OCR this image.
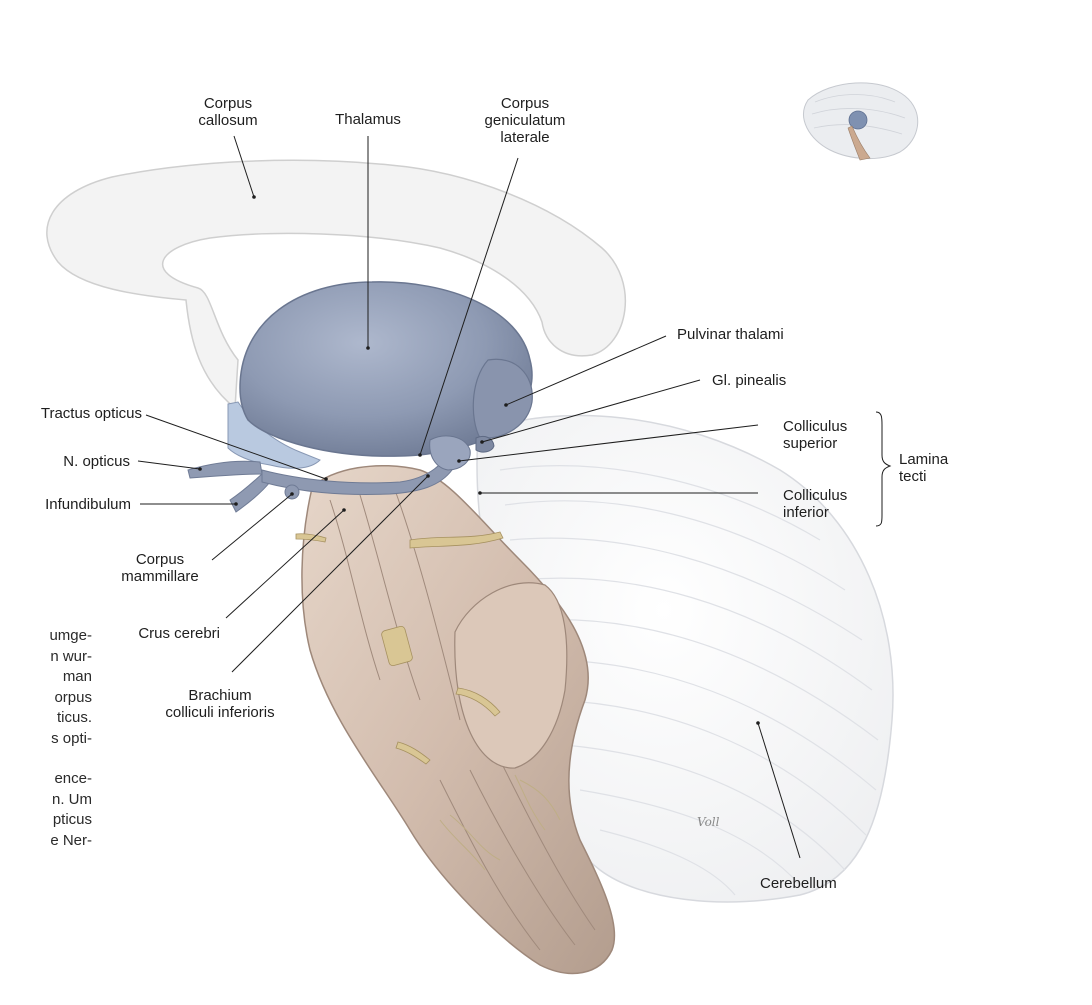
Voll
Corpus
callosum	Thalamus
Corpus
geniculatum
laterale
Pulvinar thalami
Gl. pinealis
Colliculus
superior
Colliculus
inferior
Lamina
tecti
Tractus opticus
N. opticus
Infundibulum
Corpus
mammillare
Crus cerebri
Brachium
colliculi inferioris
Cerebellum
umge-
n wur-
man
orpus
ticus.
s opti-
ence-
n. Um
pticus
e Ner-
